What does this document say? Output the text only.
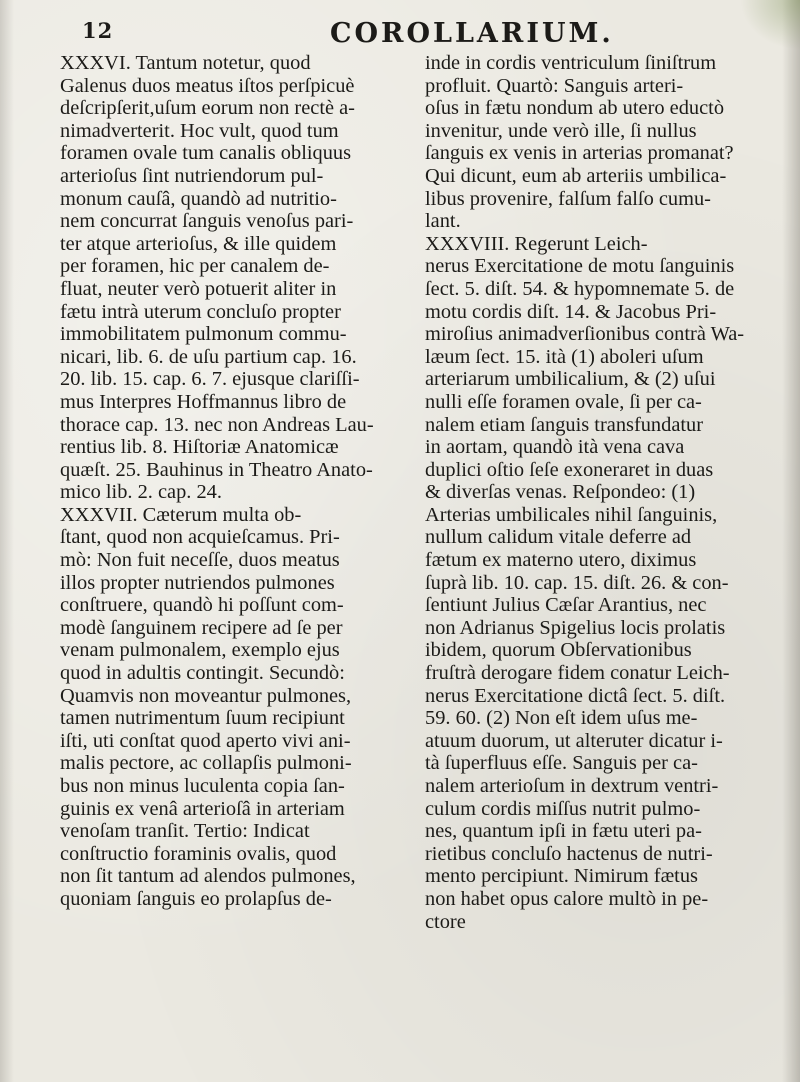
12	COROLLARIUM.
XXXVI. Tantum notetur, quod
Galenus duos meatus iſtos perſpicuè
deſcripſerit,uſum eorum non rectè a-
nimadverterit. Hoc vult, quod tum
foramen ovale tum canalis obliquus
arterioſus ſint nutriendorum pul-
monum cauſâ, quandò ad nutritio-
nem concurrat ſanguis venoſus pari-
ter atque arterioſus, & ille quidem
per foramen, hic per canalem de-
fluat, neuter verò potuerit aliter in
fætu intrà uterum concluſo propter
immobilitatem pulmonum commu-
nicari, lib. 6. de uſu partium cap. 16.
20. lib. 15. cap. 6. 7. ejusque clariſſi-
mus Interpres Hoffmannus libro de
thorace cap. 13. nec non Andreas Lau-
rentius lib. 8. Hiſtoriæ Anatomicæ
quæſt. 25. Bauhinus in Theatro Anato-
mico lib. 2. cap. 24.
XXXVII. Cæterum multa ob-
ſtant, quod non acquieſcamus. Pri-
mò: Non fuit neceſſe, duos meatus
illos propter nutriendos pulmones
conſtruere, quandò hi poſſunt com-
modè ſanguinem recipere ad ſe per
venam pulmonalem, exemplo ejus
quod in adultis contingit. Secundò:
Quamvis non moveantur pulmones,
tamen nutrimentum ſuum recipiunt
iſti, uti conſtat quod aperto vivi ani-
malis pectore, ac collapſis pulmoni-
bus non minus luculenta copia ſan-
guinis ex venâ arterioſâ in arteriam
venoſam tranſit. Tertio: Indicat
conſtructio foraminis ovalis, quod
non ſit tantum ad alendos pulmones,
quoniam ſanguis eo prolapſus de-
inde in cordis ventriculum ſiniſtrum
profluit. Quartò: Sanguis arteri-
oſus in fætu nondum ab utero eductò
invenitur, unde verò ille, ſi nullus
ſanguis ex venis in arterias promanat?
Qui dicunt, eum ab arteriis umbilica-
libus provenire, falſum falſo cumu-
lant.
XXXVIII. Regerunt Leich-
nerus Exercitatione de motu ſanguinis
ſect. 5. diſt. 54. & hypomnemate 5. de
motu cordis diſt. 14. & Jacobus Pri-
miroſius animadverſionibus contrà Wa-
læum ſect. 15. ità (1) aboleri uſum
arteriarum umbilicalium, & (2) uſui
nulli eſſe foramen ovale, ſi per ca-
nalem etiam ſanguis transfundatur
in aortam, quandò ità vena cava
duplici oſtio ſeſe exoneraret in duas
& diverſas venas. Reſpondeo: (1)
Arterias umbilicales nihil ſanguinis,
nullum calidum vitale deferre ad
fætum ex materno utero, diximus
ſuprà lib. 10. cap. 15. diſt. 26. & con-
ſentiunt Julius Cæſar Arantius, nec
non Adrianus Spigelius locis prolatis
ibidem, quorum Obſervationibus
fruſtrà derogare fidem conatur Leich-
nerus Exercitatione dictâ ſect. 5. diſt.
59. 60. (2) Non eſt idem uſus me-
atuum duorum, ut alteruter dicatur i-
tà ſuperfluus eſſe. Sanguis per ca-
nalem arterioſum in dextrum ventri-
culum cordis miſſus nutrit pulmo-
nes, quantum ipſi in fætu uteri pa-
rietibus concluſo hactenus de nutri-
mento percipiunt. Nimirum fætus
non habet opus calore multò in pe-
ctore
